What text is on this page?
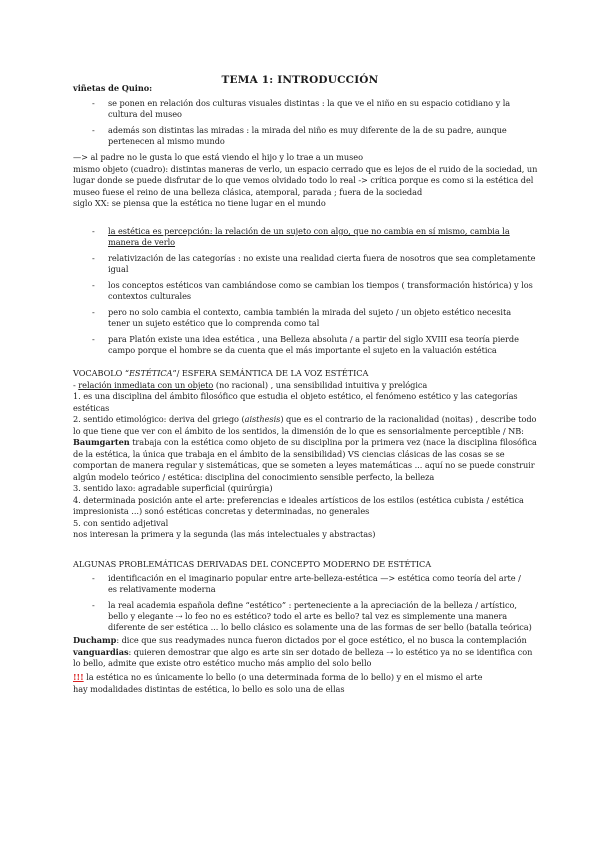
TEMA 1: INTRODUCCIÓN
viñetas de Quino:
- se ponen en relación dos culturas visuales distintas : la que ve el niño en su espacio cotidiano y la
cultura del museo
- además son distintas las miradas : la mirada del niño es muy diferente de la de su padre, aunque
pertenecen al mismo mundo
—> al padre no le gusta lo que está viendo el hijo y lo trae a un museo
mismo objeto (cuadro): distintas maneras de verlo, un espacio cerrado que es lejos de el ruido de la sociedad, un
lugar donde se puede disfrutar de lo que vemos olvidado todo lo real -> crítica porque es como si la estética del
museo fuese el reino de una belleza clásica, atemporal, parada ; fuera de la sociedad
siglo XX: se piensa que la estética no tiene lugar en el mundo
- la estética es percepción: la relación de un sujeto con algo, que no cambia en sí mismo, cambia la
manera de verlo
- relativización de las categorías : no existe una realidad cierta fuera de nosotros que sea completamente
igual
- los conceptos estéticos van cambiándose como se cambian los tiempos ( transformación histórica) y los
contextos culturales
- pero no solo cambia el contexto, cambia también la mirada del sujeto / un objeto estético necesita
tener un sujeto estético que lo comprenda como tal
- para Platón existe una idea estética , una Belleza absoluta / a partir del siglo XVIII esa teoría pierde
campo porque el hombre se da cuenta que el más importante el sujeto en la valuación estética
VOCABOLO “ESTÉTICA”/ ESFERA SEMÁNTICA DE LA VOZ ESTÉTICA
- relación inmediata con un objeto (no racional) , una sensibilidad intuitiva y prelógica
1. es una disciplina del ámbito filosófico que estudia el objeto estético, el fenómeno estético y las categorías
estéticas
2. sentido etimológico: deriva del griego (aisthesis) que es el contrario de la racionalidad (noitas) , describe todo
lo que tiene que ver con el ámbito de los sentidos, la dimensión de lo que es sensorialmente perceptible / NB:
Baumgarten trabaja con la estética como objeto de su disciplina por la primera vez (nace la disciplina filosófica
de la estética, la única que trabaja en el ámbito de la sensibilidad) VS ciencias clásicas de las cosas se se
comportan de manera regular y sistemáticas, que se someten a leyes matemáticas ... aquí no se puede construir
algún modelo teórico / estética: disciplina del conocimiento sensible perfecto, la belleza
3. sentido laxo: agradable superficial (quirúrgia)
4. determinada posición ante el arte: preferencias e ideales artísticos de los estilos (estética cubista / estética
impresionista ...) sonó estéticas concretas y determinadas, no generales
5. con sentido adjetival
nos interesan la primera y la segunda (las más intelectuales y abstractas)
ALGUNAS PROBLEMÁTICAS DERIVADAS DEL CONCEPTO MODERNO DE ESTÉTICA
- identificación en el imaginario popular entre arte-belleza-estética —> estética como teoría del arte /
es relativamente moderna
- la real academia española define “estético” : perteneciente a la apreciación de la belleza / artístico,
bello y elegante ⇢ lo feo no es estético? todo el arte es bello? tal vez es simplemente una manera
diferente de ser estética ... lo bello clásico es solamente una de las formas de ser bello (batalla teórica)
Duchamp: dice que sus readymades nunca fueron dictados por el goce estético, el no busca la contemplación
vanguardias: quieren demostrar que algo es arte sin ser dotado de belleza ⇢ lo estético ya no se identifica con
lo bello, admite que existe otro estético mucho más amplio del solo bello
!!! la estética no es únicamente lo bello (o una determinada forma de lo bello) y en el mismo el arte
hay modalidades distintas de estética, lo bello es solo una de ellas
